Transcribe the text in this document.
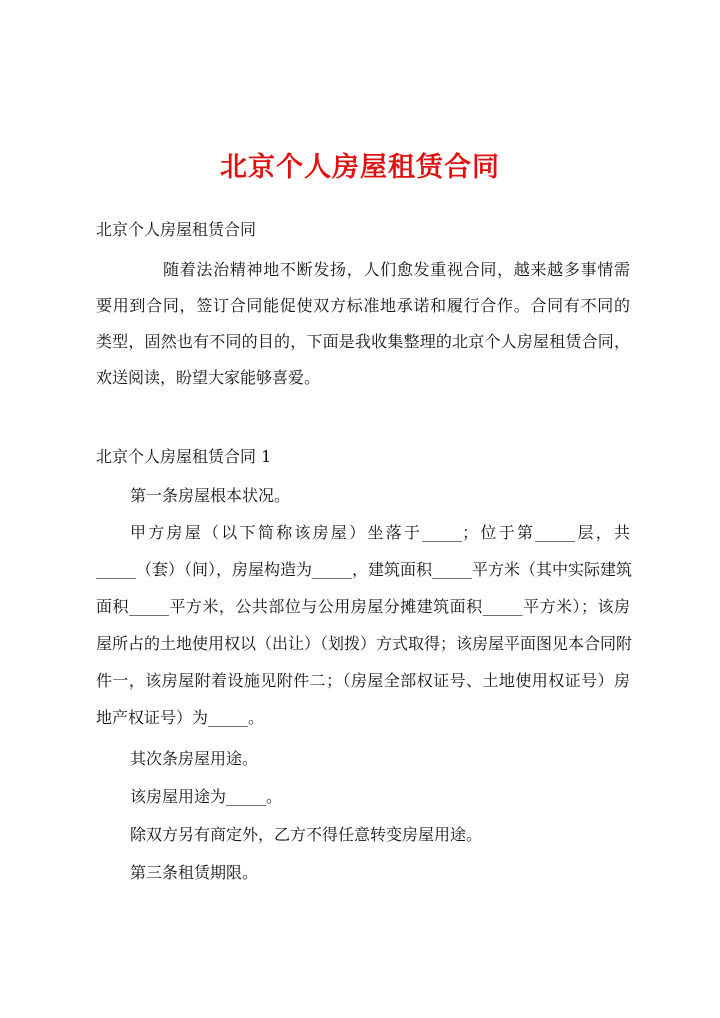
北京个人房屋租赁合同
北京个人房屋租赁合同
随着法治精神地不断发扬，人们愈发重视合同，越来越多事情需
要用到合同，签订合同能促使双方标准地承诺和履行合作。合同有不同的
类型，固然也有不同的目的，下面是我收集整理的北京个人房屋租赁合同，
欢送阅读，盼望大家能够喜爱。
北京个人房屋租赁合同 1
第一条房屋根本状况。
甲方房屋（以下简称该房屋）坐落于_____；位于第_____层，共
_____（套）（间），房屋构造为_____，建筑面积_____平方米（其中实际建筑
面积_____平方米，公共部位与公用房屋分摊建筑面积_____平方米）；该房
屋所占的土地使用权以（出让）（划拨）方式取得；该房屋平面图见本合同附
件一，该房屋附着设施见附件二；（房屋全部权证号、土地使用权证号）房
地产权证号）为_____。
其次条房屋用途。
该房屋用途为_____。
除双方另有商定外，乙方不得任意转变房屋用途。
第三条租赁期限。
